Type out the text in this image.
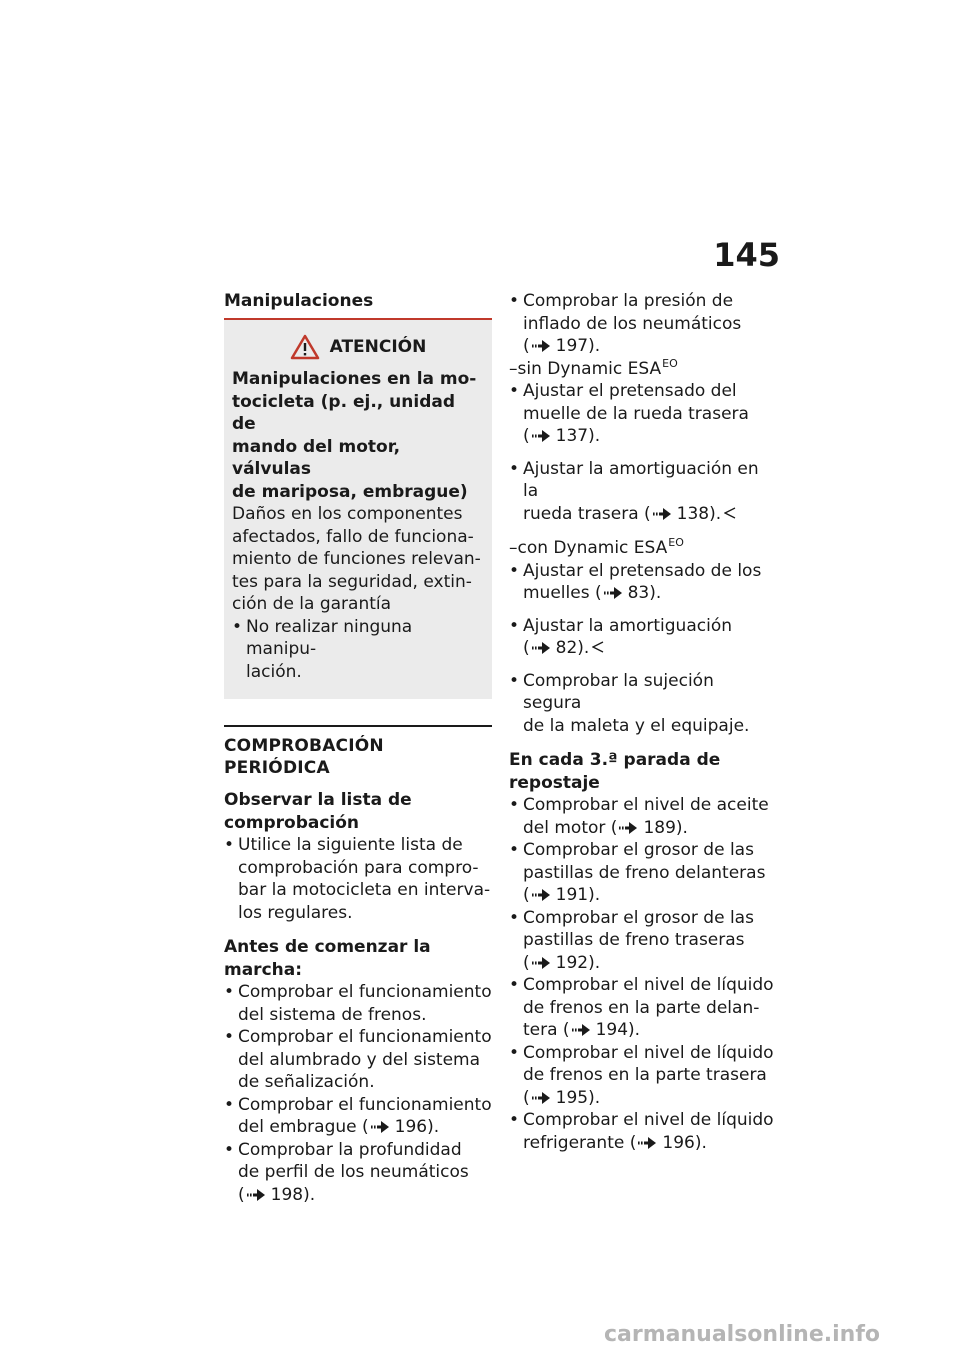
145

Manipulaciones

ATENCIÓN

Manipulaciones en la mo-

tocicleta (p. ej., unidad de

mando del motor, válvulas

de mariposa, embrague)

Daños en los componentes

afectados, fallo de funciona-

miento de funciones relevan-

tes para la seguridad, extin-

ción de la garantía

• No realizar ninguna manipu-
lación.
COMPROBACIÓN PERIÓDICA

Observar la lista de

comprobación

• Utilice la siguiente lista de
comprobación para compro-
bar la motocicleta en interva-
los regulares.

Antes de comenzar la marcha:

• Comprobar el funcionamiento
del sistema de frenos.
• Comprobar el funcionamiento
del alumbrado y del sistema
de señalización.
• Comprobar el funcionamiento
del embrague ( 196).
• Comprobar la profundidad
de perfil de los neumáticos
( 198).
• Comprobar la presión de
inflado de los neumáticos
( 197).

–sin Dynamic $ESA^{EO}$

• Ajustar el pretensado del
muelle de la rueda trasera
( 137).
• Ajustar la amortiguación en la
rueda trasera ( 138).

–con Dynamic $ESA^{EO}$

• Ajustar el pretensado de los
muelles ( 83).
• Ajustar la amortiguación
( 82).
• Comprobar la sujeción segura
de la maleta y el equipaje.

En cada 3.ª parada de

repostaje

• Comprobar el nivel de aceite
del motor ( 189).
• Comprobar el grosor de las
pastillas de freno delanteras
( 191).
• Comprobar el grosor de las
pastillas de freno traseras
( 192).
• Comprobar el nivel de líquido
de frenos en la parte delan-
tera ( 194).
• Comprobar el nivel de líquido
de frenos en la parte trasera
( 195).
• Comprobar el nivel de líquido
refrigerante ( 196).
carmanualsonline.info
